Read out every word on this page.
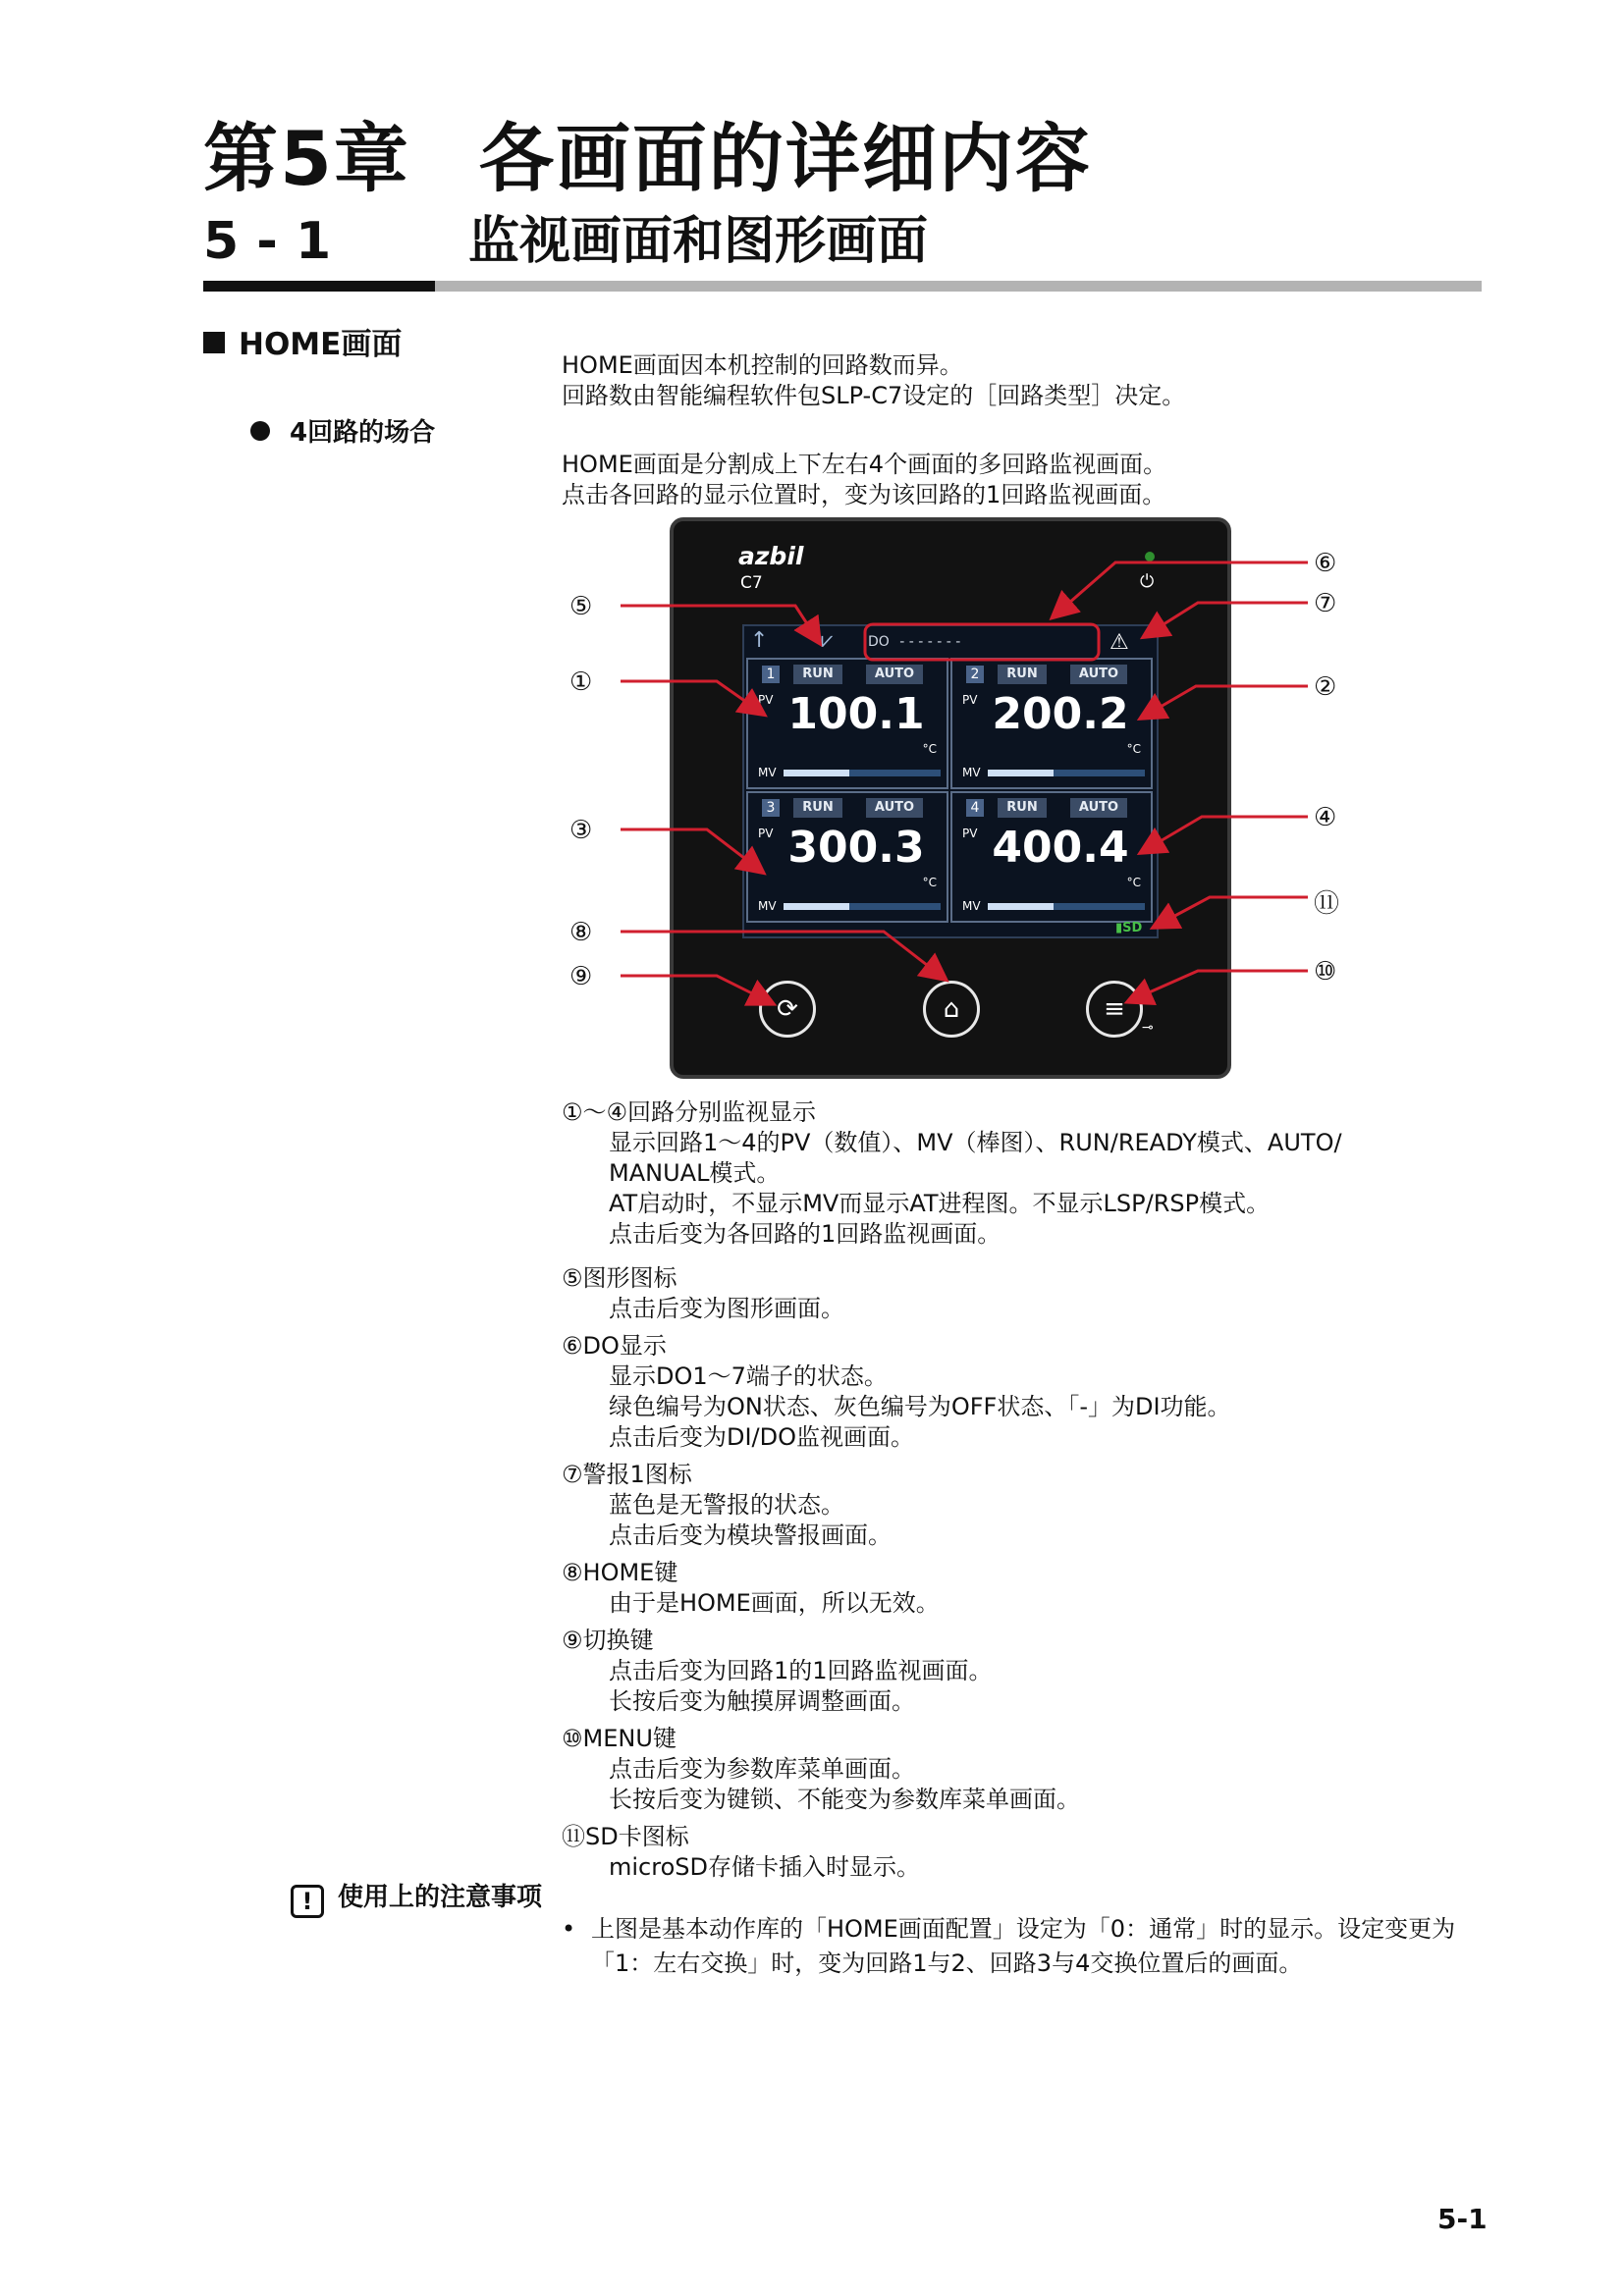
第5章 各画面的详细内容
5 - 1	监视画面和图形画面
HOME画面
4回路的场合
HOME画面因本机控制的回路数而异。
回路数由智能编程软件包SLP-C7设定的［回路类型］决定。
HOME画面是分割成上下左右4个画面的多回路监视画面。
点击各回路的显示位置时，变为该回路的1回路监视画面。
azbil
C7	⏻
↑ ⩗	DO - - - - - - -	⚠
1	RUN	AUTO
PV 100.1
°C
MV
2	RUN	AUTO
PV 200.2
°C
MV
3	RUN	AUTO
PV 300.3
°C
MV
4	RUN	AUTO
PV 400.4
°C
MV
▮SD
⟳	⌂	≡
⊸
⑤
①
③
⑧
⑨
⑥
⑦
②
④
⑪
⑩
①～④回路分别监视显示
显示回路1～4的PV（数值）、MV（棒图）、RUN/READY模式、AUTO/
MANUAL模式。
AT启动时，不显示MV而显示AT进程图。不显示LSP/RSP模式。
点击后变为各回路的1回路监视画面。
⑤图形图标
点击后变为图形画面。
⑥DO显示
显示DO1～7端子的状态。
绿色编号为ON状态、灰色编号为OFF状态、「-」为DI功能。
点击后变为DI/DO监视画面。
⑦警报1图标
蓝色是无警报的状态。
点击后变为模块警报画面。
⑧HOME键
由于是HOME画面，所以无效。
⑨切换键
点击后变为回路1的1回路监视画面。
长按后变为触摸屏调整画面。
⑩MENU键
点击后变为参数库菜单画面。
长按后变为键锁、不能变为参数库菜单画面。
⑪SD卡图标
microSD存储卡插入时显示。
! 使用上的注意事项
• 上图是基本动作库的「HOME画面配置」设定为「0：通常」时的显示。设定变更为「1：左右交换」时，变为回路1与2、回路3与4交换位置后的画面。
5-1
